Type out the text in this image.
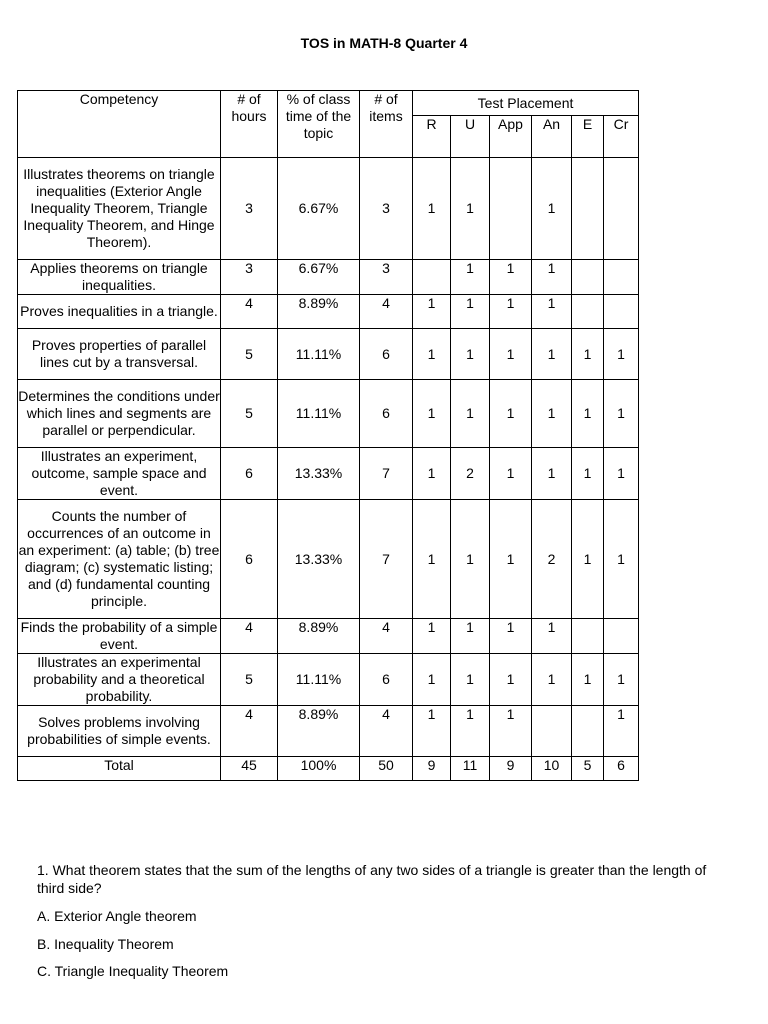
TOS in MATH-8 Quarter 4
Competency	# of hours	% of class time of the topic	# of items	Test Placement					
				R	U	App	An	E	Cr
Illustrates theorems on triangle inequalities (Exterior Angle Inequality Theorem, Triangle Inequality Theorem, and Hinge Theorem).	3	6.67%	3	1	1		1		
Applies theorems on triangle inequalities.	3	6.67%	3		1	1	1		
Proves inequalities in a triangle.	4	8.89%	4	1	1	1	1		
Proves properties of parallel lines cut by a transversal.	5	11.11%	6	1	1	1	1	1	1
Determines the conditions under which lines and segments are parallel or perpendicular.	5	11.11%	6	1	1	1	1	1	1
Illustrates an experiment, outcome, sample space and event.	6	13.33%	7	1	2	1	1	1	1
Counts the number of occurrences of an outcome in an experiment: (a) table; (b) tree diagram; (c) systematic listing; and (d) fundamental counting principle.	6	13.33%	7	1	1	1	2	1	1
Finds the probability of a simple event.	4	8.89%	4	1	1	1	1		
Illustrates an experimental probability and a theoretical probability.	5	11.11%	6	1	1	1	1	1	1
Solves problems involving probabilities of simple events.	4	8.89%	4	1	1	1			1
Total	45	100%	50	9	11	9	10	5	6
1. What theorem states that the sum of the lengths of any two sides of a triangle is greater than the length of third side?
A. Exterior Angle theorem
B. Inequality Theorem
C. Triangle Inequality Theorem
